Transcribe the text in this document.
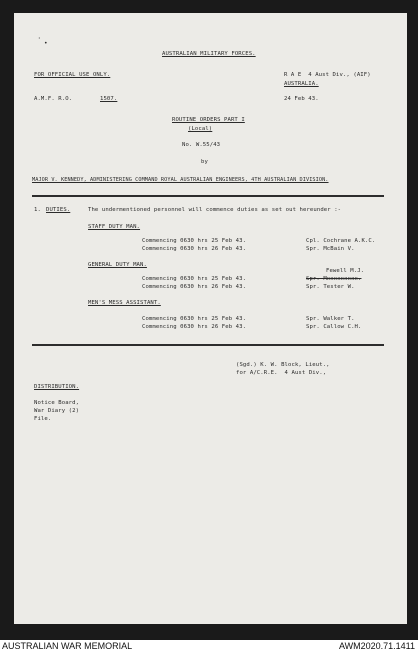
·
•
AUSTRALIAN MILITARY FORCES.
FOR OFFICIAL USE ONLY.
A.M.F. R.O.	1507.
R A E  4 Aust Div., (AIF)
AUSTRALIA.
24 Feb 43.
ROUTINE ORDERS PART I
(Local)
No. W.55/43
by
MAJOR V. KENNEDY, ADMINISTERING COMMAND ROYAL AUSTRALIAN ENGINEERS, 4TH AUSTRALIAN DIVISION.
1. DUTIES.	The undermentioned personnel will commence duties as set out hereunder :-
STAFF DUTY MAN.
Commencing 0630 hrs 25 Feb 43.	Cpl. Cochrane A.K.C.
Commencing 0630 hrs 26 Feb 43.	Spr. McBain V.
GENERAL DUTY MAN.
Fewell M.J.
Commencing 0630 hrs 25 Feb 43.	Spr. Mxxxxxxxxx.
Commencing 0630 hrs 26 Feb 43.	Spr. Tester W.
MEN'S MESS ASSISTANT.
Commencing 0630 hrs 25 Feb 43.	Spr. Walker T.
Commencing 0630 hrs 26 Feb 43.	Spr. Callow C.H.
(Sgd.) K. W. Block, Lieut.,
for A/C.R.E.  4 Aust Div.,
DISTRIBUTION.
Notice Board,
War Diary (2)
File.
AUSTRALIAN WAR MEMORIAL	AWM2020.71.1411
